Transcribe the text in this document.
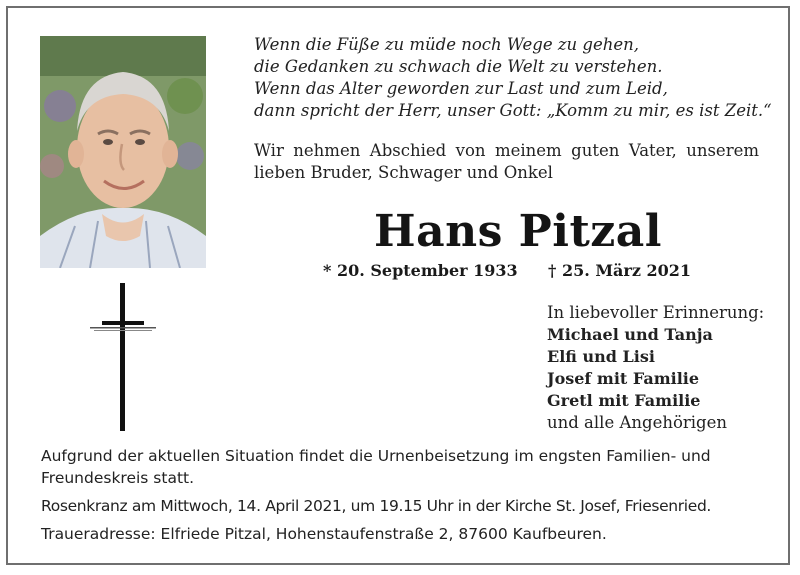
Wenn die Füße zu müde noch Wege zu gehen,
die Gedanken zu schwach die Welt zu verstehen.
Wenn das Alter geworden zur Last und zum Leid,
dann spricht der Herr, unser Gott: „Komm zu mir, es ist Zeit.“
Wir nehmen Abschied von meinem guten Vater, unserem lieben Bruder, Schwager und Onkel
Hans Pitzal
* 20. September 1933 † 25. März 2021
In liebevoller Erinnerung:
Michael und Tanja
Elfi und Lisi
Josef mit Familie
Gretl mit Familie
und alle Angehörigen
Aufgrund der aktuellen Situation findet die Urnenbeisetzung im engsten Familien- und Freundeskreis statt.
Rosenkranz am Mittwoch, 14. April 2021, um 19.15 Uhr in der Kirche St. Josef, Friesenried.
Traueradresse: Elfriede Pitzal, Hohenstaufenstraße 2, 87600 Kaufbeuren.
